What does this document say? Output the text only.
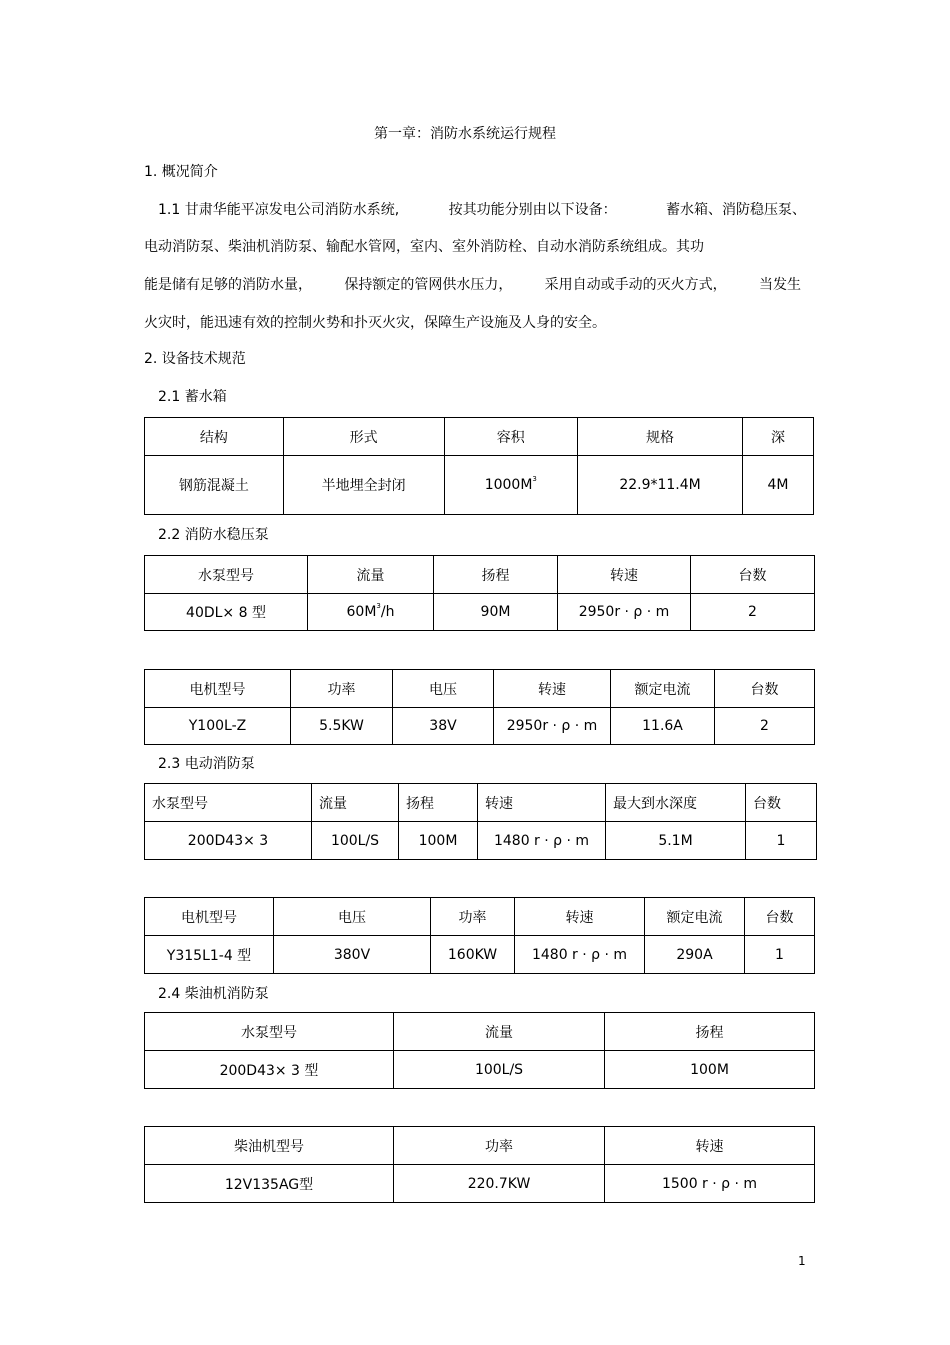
第一章：消防水系统运行规程
1. 概况简介
1.1 甘肃华能平凉发电公司消防水系统,	按其功能分别由以下设备：	蓄水箱、消防稳压泵、
电动消防泵、柴油机消防泵、输配水管网，室内、室外消防栓、自动水消防系统组成。其功
能是储有足够的消防水量， 保持额定的管网供水压力， 采用自动或手动的灭火方式， 当发生
火灾时，能迅速有效的控制火势和扑灭火灾，保障生产设施及人身的安全。
2. 设备技术规范
2.1 蓄水箱
结构	形式	容积	规格	深
钢筋混凝土	半地埋全封闭	$1000M^3$	22.9*11.4M	4M
2.2 消防水稳压泵
水泵型号	流量	扬程	转速	台数
40DL× 8 型	$60M^3/h$	90M	2950r · ρ · m	2
电机型号	功率	电压	转速	额定电流	台数
Y100L-Z	5.5KW	38V	2950r · ρ · m	11.6A	2
2.3 电动消防泵
水泵型号	流量	扬程	转速	最大到水深度	台数
200D43× 3	100L/S	100M	1480 r · ρ · m	5.1M	1
电机型号	电压	功率	转速	额定电流	台数
Y315L1-4 型	380V	160KW	1480 r · ρ · m	290A	1
2.4 柴油机消防泵
水泵型号	流量	扬程
200D43× 3 型	100L/S	100M
柴油机型号	功率	转速
12V135AG型	220.7KW	1500 r · ρ · m
1
